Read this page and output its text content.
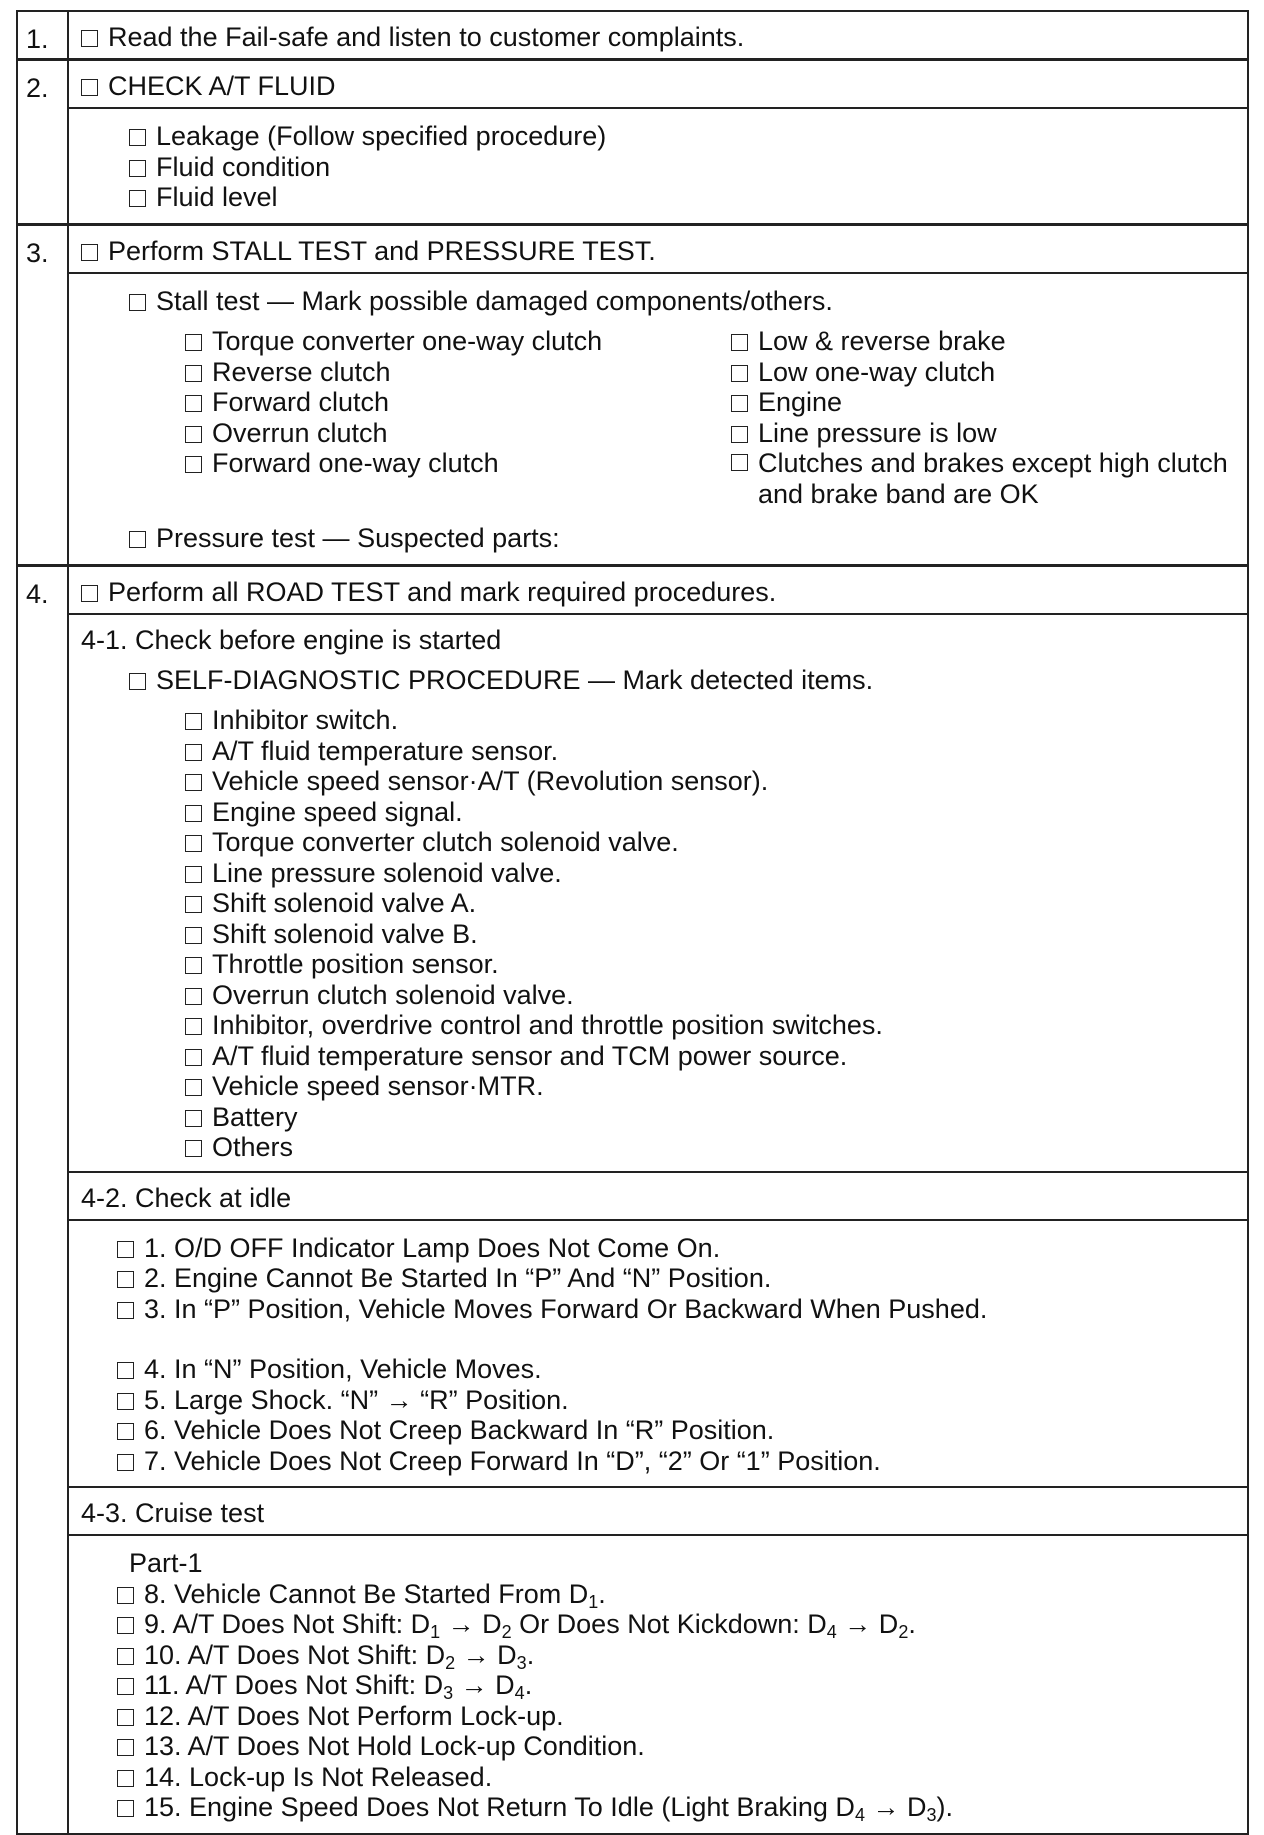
1.	Read the Fail-safe and listen to customer complaints.
2.	CHECK A/T FLUID
Leakage (Follow specified procedure)
Fluid condition
Fluid level
3.	Perform STALL TEST and PRESSURE TEST.
Stall test — Mark possible damaged components/others.
Torque converter one-way clutch
Reverse clutch
Forward clutch
Overrun clutch
Forward one-way clutch
Low & reverse brake
Low one-way clutch
Engine
Line pressure is low
Clutches and brakes except high clutch and brake band are OK
Pressure test — Suspected parts:
4.	Perform all ROAD TEST and mark required procedures.
4-1. Check before engine is started
SELF-DIAGNOSTIC PROCEDURE — Mark detected items.
Inhibitor switch.
A/T fluid temperature sensor.
Vehicle speed sensor·A/T (Revolution sensor).
Engine speed signal.
Torque converter clutch solenoid valve.
Line pressure solenoid valve.
Shift solenoid valve A.
Shift solenoid valve B.
Throttle position sensor.
Overrun clutch solenoid valve.
Inhibitor, overdrive control and throttle position switches.
A/T fluid temperature sensor and TCM power source.
Vehicle speed sensor·MTR.
Battery
Others
4-2. Check at idle
1. O/D OFF Indicator Lamp Does Not Come On.
2. Engine Cannot Be Started In “P” And “N” Position.
3. In “P” Position, Vehicle Moves Forward Or Backward When Pushed.
4. In “N” Position, Vehicle Moves.
5. Large Shock. “N” → “R” Position.
6. Vehicle Does Not Creep Backward In “R” Position.
7. Vehicle Does Not Creep Forward In “D”, “2” Or “1” Position.
4-3. Cruise test
Part-1
8. Vehicle Cannot Be Started From $D_1$.
9. A/T Does Not Shift: $D_1 \to D_2$ Or Does Not Kickdown: $D_4 \to D_2$.
10. A/T Does Not Shift: $D_2 \to D_3$.
11. A/T Does Not Shift: $D_3 \to D_4$.
12. A/T Does Not Perform Lock-up.
13. A/T Does Not Hold Lock-up Condition.
14. Lock-up Is Not Released.
15. Engine Speed Does Not Return To Idle (Light Braking $D_4 \to D_3$).
